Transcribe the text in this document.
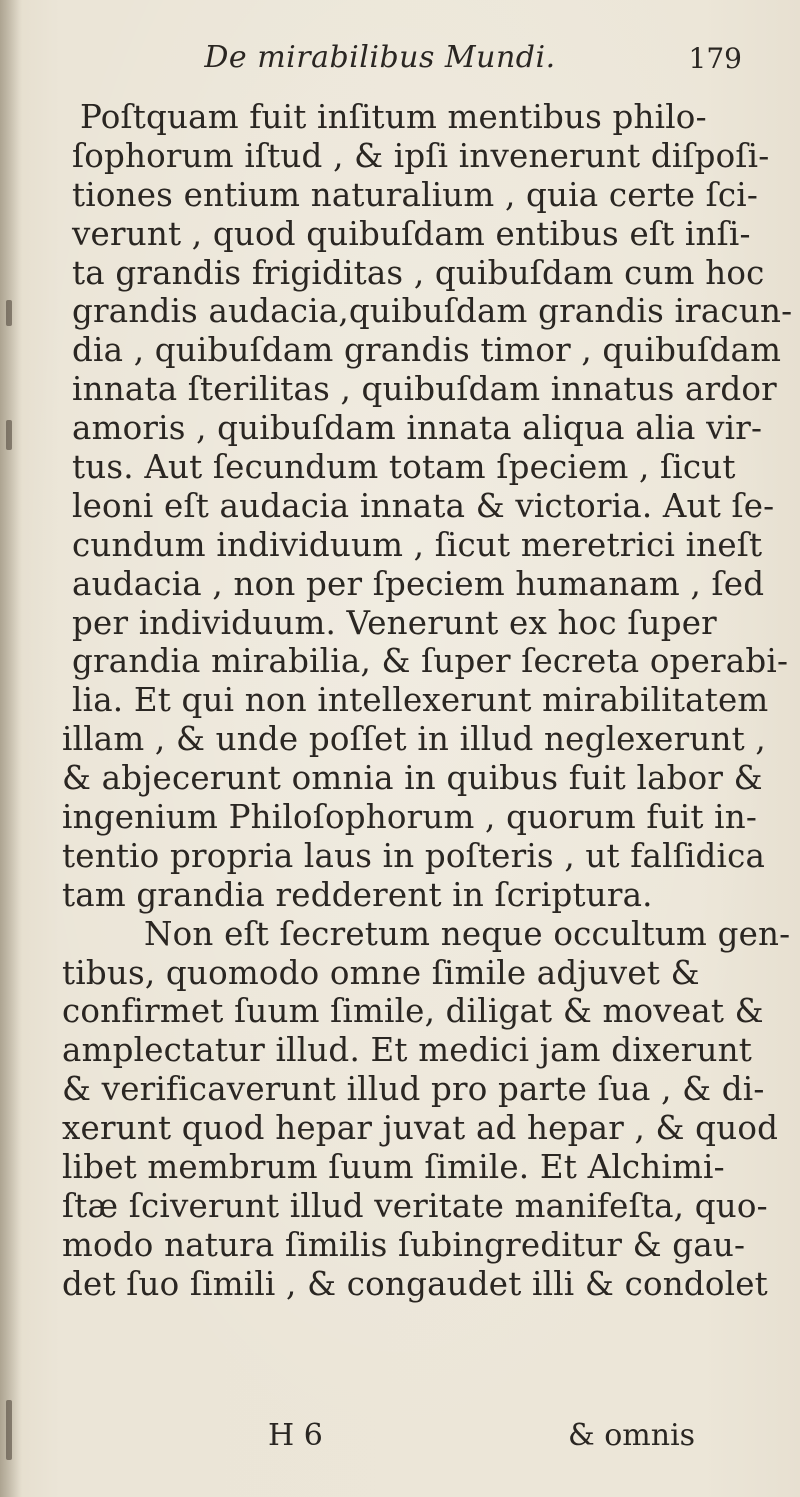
De mirabilibus Mundi.	179
Poſtquam fuit inſitum mentibus philo-
ſophorum iſtud , & ipſi invenerunt diſpoſi-
tiones entium naturalium , quia certe ſci-
verunt , quod quibuſdam entibus eſt inſi-
ta grandis frigiditas , quibuſdam cum hoc
grandis audacia,quibuſdam grandis iracun-
dia , quibuſdam grandis timor , quibuſdam
innata ſterilitas , quibuſdam innatus ardor
amoris , quibuſdam innata aliqua alia vir-
tus. Aut ſecundum totam ſpeciem , ſicut
leoni eſt audacia innata & victoria. Aut ſe-
cundum individuum , ſicut meretrici ineſt
audacia , non per ſpeciem humanam , ſed
per individuum. Venerunt ex hoc ſuper
grandia mirabilia, & ſuper ſecreta operabi-
lia. Et qui non intellexerunt mirabilitatem
illam , & unde poſſet in illud neglexerunt ,
& abjecerunt omnia in quibus fuit labor &
ingenium Philoſophorum , quorum fuit in-
tentio propria laus in poſteris , ut falſidica
tam grandia redderent in ſcriptura.
Non eſt ſecretum neque occultum gen-
tibus, quomodo omne ſimile adjuvet &
confirmet ſuum ſimile, diligat & moveat &
amplectatur illud. Et medici jam dixerunt
& verificaverunt illud pro parte ſua , & di-
xerunt quod hepar juvat ad hepar , & quod
libet membrum ſuum ſimile. Et Alchimi-
ſtæ ſciverunt illud veritate manifeſta, quo-
modo natura ſimilis ſubingreditur & gau-
det ſuo ſimili , & congaudet illi & condolet
H 6	& omnis
